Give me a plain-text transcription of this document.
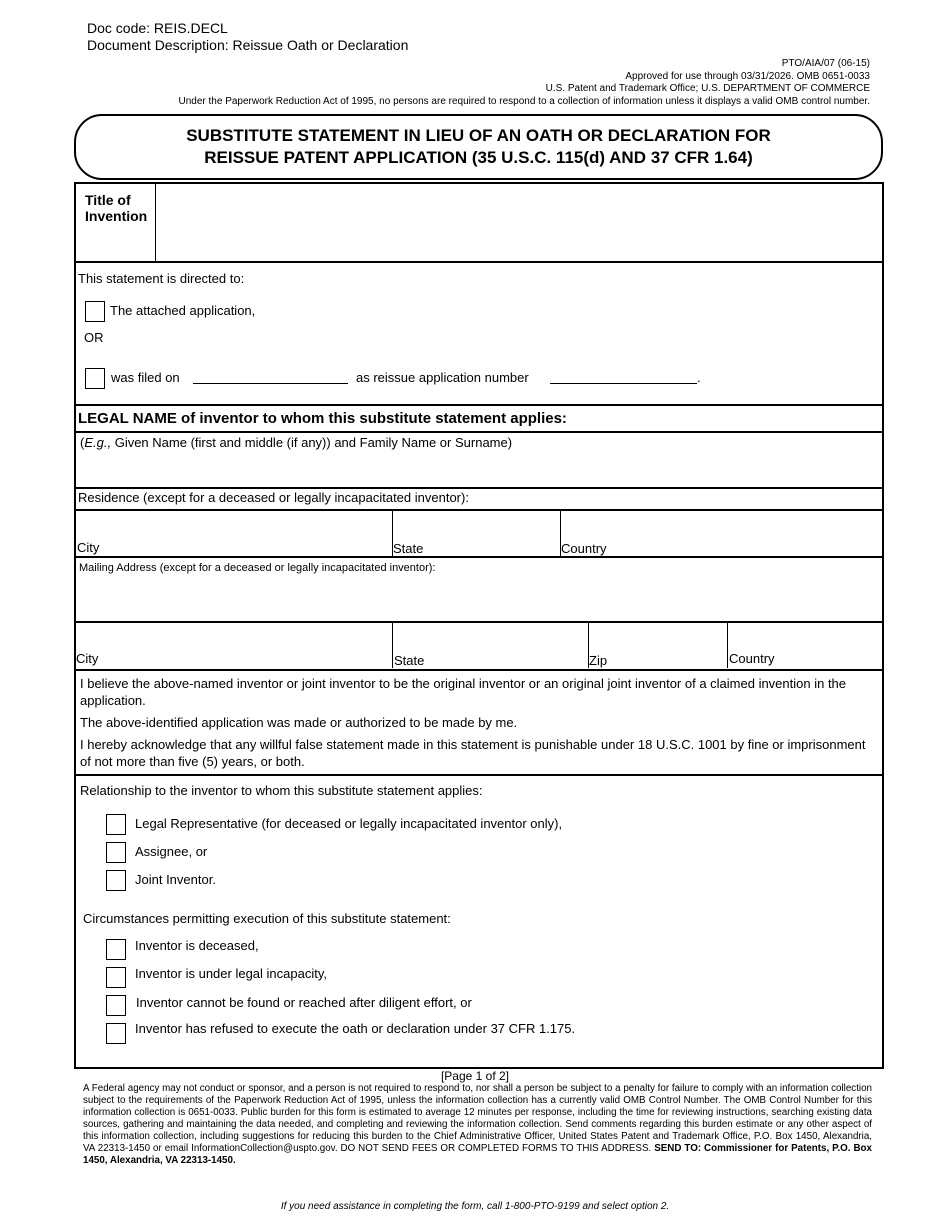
Doc code: REIS.DECL
Document Description: Reissue Oath or Declaration
PTO/AIA/07 (06-15)
Approved for use through 03/31/2026. OMB 0651-0033
U.S. Patent and Trademark Office; U.S. DEPARTMENT OF COMMERCE
Under the Paperwork Reduction Act of 1995, no persons are required to respond to a collection of information unless it displays a valid OMB control number.
SUBSTITUTE STATEMENT IN LIEU OF AN OATH OR DECLARATION FOR
REISSUE PATENT APPLICATION (35 U.S.C. 115(d) AND 37 CFR 1.64)
Title of
Invention
This statement is directed to:
The attached application,
OR
was filed on	as reissue application number	.
LEGAL NAME of inventor to whom this substitute statement applies:
(E.g., Given Name (first and middle (if any)) and Family Name or Surname)
Residence (except for a deceased or legally incapacitated inventor):
City	State	Country
Mailing Address (except for a deceased or legally incapacitated inventor):
City	State	Zip	Country
I believe the above-named inventor or joint inventor to be the original inventor or an original joint inventor of a claimed invention in the application.
The above-identified application was made or authorized to be made by me.
I hereby acknowledge that any willful false statement made in this statement is punishable under 18 U.S.C. 1001 by fine or imprisonment of not more than five (5) years, or both.
Relationship to the inventor to whom this substitute statement applies:
Legal Representative (for deceased or legally incapacitated inventor only),
Assignee, or
Joint Inventor.
Circumstances permitting execution of this substitute statement:
Inventor is deceased,
Inventor is under legal incapacity,
Inventor cannot be found or reached after diligent effort, or
Inventor has refused to execute the oath or declaration under 37 CFR 1.175.
[Page 1 of 2]
A Federal agency may not conduct or sponsor, and a person is not required to respond to, nor shall a person be subject to a penalty for failure to comply with an information collection subject to the requirements of the Paperwork Reduction Act of 1995, unless the information collection has a currently valid OMB Control Number. The OMB Control Number for this information collection is 0651-0033. Public burden for this form is estimated to average 12 minutes per response, including the time for reviewing instructions, searching existing data sources, gathering and maintaining the data needed, and completing and reviewing the information collection. Send comments regarding this burden estimate or any other aspect of this information collection, including suggestions for reducing this burden to the Chief Administrative Officer, United States Patent and Trademark Office, P.O. Box 1450, Alexandria, VA 22313-1450 or email InformationCollection@uspto.gov. DO NOT SEND FEES OR COMPLETED FORMS TO THIS ADDRESS. SEND TO: Commissioner for Patents, P.O. Box 1450, Alexandria, VA 22313-1450.
If you need assistance in completing the form, call 1-800-PTO-9199 and select option 2.
